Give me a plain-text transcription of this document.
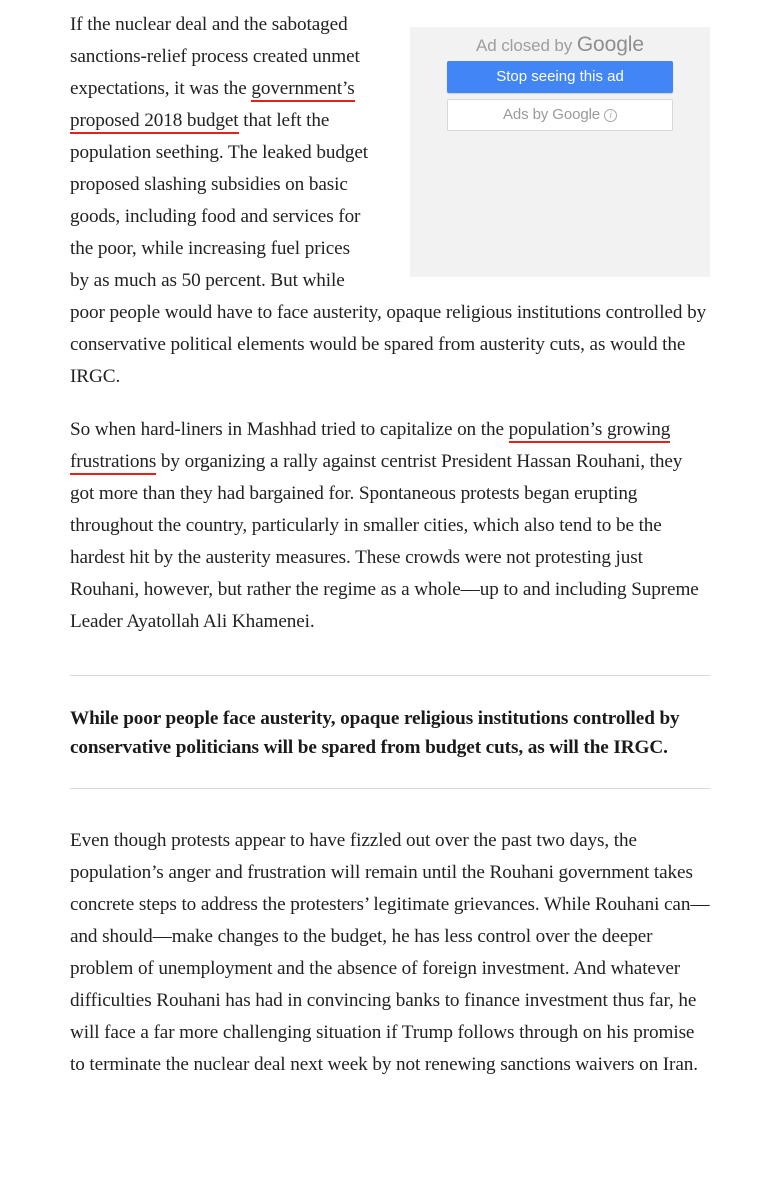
Ad closed by Google
Stop seeing this ad
Ads by Google i
If the nuclear deal and the sabotaged sanctions-relief process created unmet expectations, it was the government’s proposed 2018 budget that left the population seething. The leaked budget proposed slashing subsidies on basic goods, including food and services for the poor, while increasing fuel prices by as much as 50 percent. But while poor people would have to face austerity, opaque religious institutions controlled by conservative political elements would be spared from austerity cuts, as would the IRGC.

So when hard-liners in Mashhad tried to capitalize on the population’s growing frustrations by organizing a rally against centrist President Hassan Rouhani, they got more than they had bargained for. Spontaneous protests began erupting throughout the country, particularly in smaller cities, which also tend to be the hardest hit by the austerity measures. These crowds were not protesting just Rouhani, however, but rather the regime as a whole—up to and including Supreme Leader Ayatollah Ali Khamenei.

While poor people face austerity, opaque religious institutions controlled by conservative politicians will be spared from budget cuts, as will the IRGC.

Even though protests appear to have fizzled out over the past two days, the population’s anger and frustration will remain until the Rouhani government takes concrete steps to address the protesters’ legitimate grievances. While Rouhani can—and should—make changes to the budget, he has less control over the deeper problem of unemployment and the absence of foreign investment. And whatever difficulties Rouhani has had in convincing banks to finance investment thus far, he will face a far more challenging situation if Trump follows through on his promise to terminate the nuclear deal next week by not renewing sanctions waivers on Iran.
